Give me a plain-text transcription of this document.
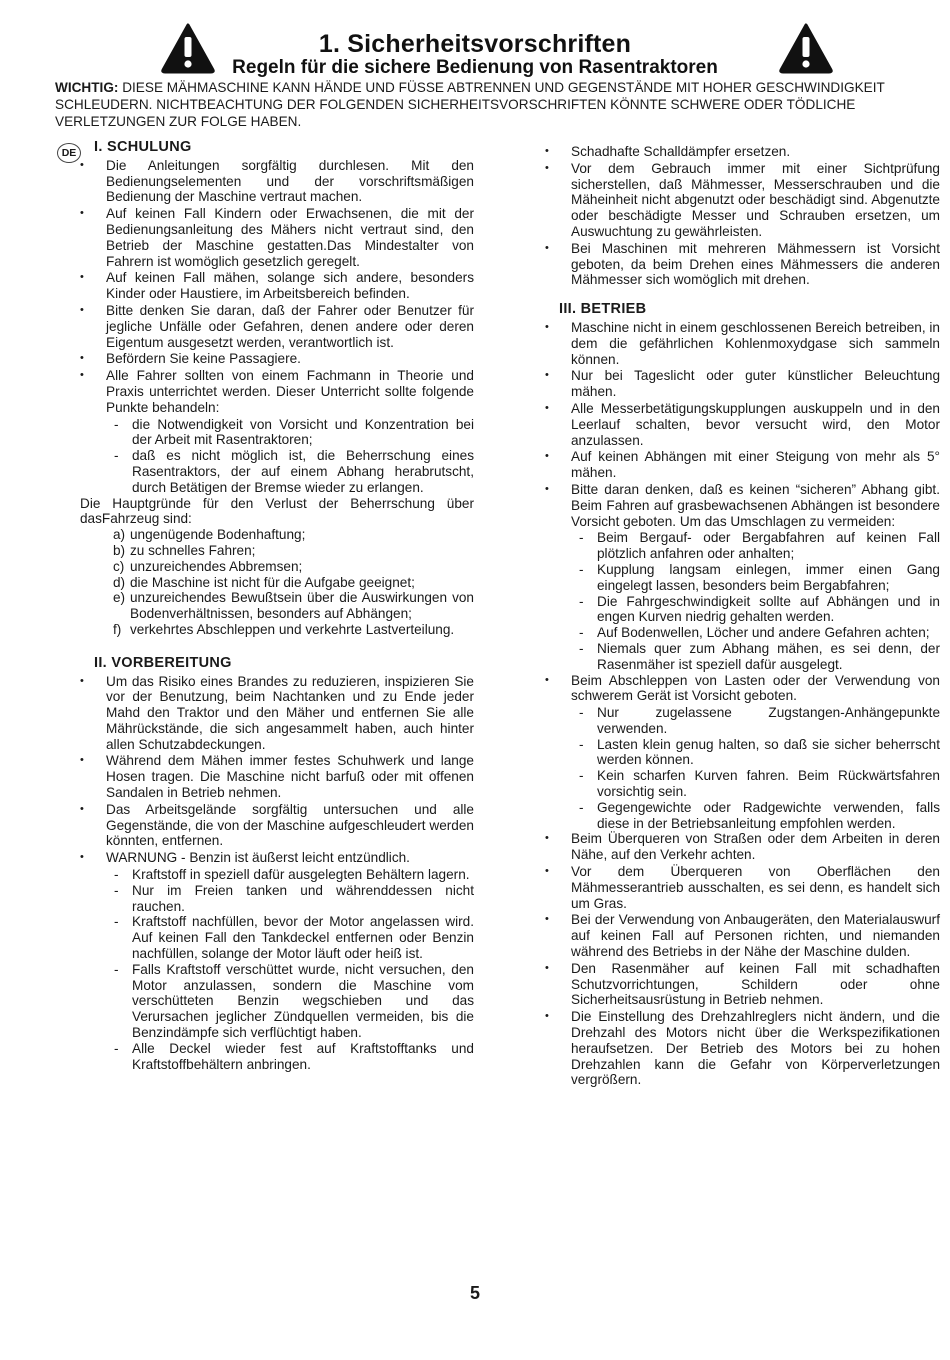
1. Sicherheitsvorschriften
Regeln für die sichere Bedienung von Rasentraktoren
WICHTIG: DIESE MÄHMASCHINE KANN HÄNDE UND FÜSSE ABTRENNEN UND GEGENSTÄNDE MIT HOHER GESCHWINDIGKEIT SCHLEUDERN. NICHTBEACHTUNG DER FOLGENDEN SICHERHEITSVORSCHRIFTEN KÖNNTE SCHWERE ODER TÖDLICHE VERLETZUNGEN ZUR FOLGE HABEN.
DE	I. SCHULUNG
• Die Anleitungen sorgfältig durchlesen. Mit den Bedienungselementen und der vorschriftsmäßigen Bedienung der Maschine vertraut machen.
• Auf keinen Fall Kindern oder Erwachsenen, die mit der Bedienungsanleitung des Mähers nicht vertraut sind, den Betrieb der Maschine gestatten.Das Mindestalter von Fahrern ist womöglich gesetzlich geregelt.
• Auf keinen Fall mähen, solange sich andere, besonders Kinder oder Haustiere, im Arbeitsbereich befinden.
• Bitte denken Sie daran, daß der Fahrer oder Benutzer für jegliche Unfälle oder Gefahren, denen andere oder deren Eigentum ausgesetzt werden, verantwortlich ist.
• Befördern Sie keine Passagiere.
• Alle Fahrer sollten von einem Fachmann in Theorie und Praxis unterrichtet werden. Dieser Unterricht sollte folgende Punkte behandeln:
- die Notwendigkeit von Vorsicht und Konzentration bei der Arbeit mit Rasentraktoren;
- daß es nicht möglich ist, die Beherrschung eines Rasentraktors, der auf einem Abhang herabrutscht, durch Betätigen der Bremse wieder zu erlangen.

Die Hauptgründe für den Verlust der Beherrschung über dasFahrzeug sind:

a) ungenügende Bodenhaftung;
b) zu schnelles Fahren;
c) unzureichendes Abbremsen;
d) die Maschine ist nicht für die Aufgabe geeignet;
e) unzureichendes Bewußtsein über die Auswirkungen von Bodenverhältnissen, besonders auf Abhängen;
f) verkehrtes Abschleppen und verkehrte Lastverteilung.
II. VORBEREITUNG
• Um das Risiko eines Brandes zu reduzieren, inspizieren Sie vor der Benutzung, beim Nachtanken und zu Ende jeder Mahd den Traktor und den Mäher und entfernen Sie alle Mährückstände, die sich angesammelt haben, auch hinter allen Schutzabdeckungen.
• Während dem Mähen immer festes Schuhwerk und lange Hosen tragen. Die Maschine nicht barfuß oder mit offenen Sandalen in Betrieb nehmen.
• Das Arbeitsgelände sorgfältig untersuchen und alle Gegenstände, die von der Maschine aufgeschleudert werden könnten, entfernen.
• WARNUNG - Benzin ist äußerst leicht entzündlich.
- Kraftstoff in speziell dafür ausgelegten Behältern lagern.
- Nur im Freien tanken und währenddessen nicht rauchen.
- Kraftstoff nachfüllen, bevor der Motor angelassen wird. Auf keinen Fall den Tankdeckel entfernen oder Benzin nachfüllen, solange der Motor läuft oder heiß ist.
- Falls Kraftstoff verschüttet wurde, nicht versuchen, den Motor anzulassen, sondern die Maschine vom verschütteten Benzin wegschieben und das Verursachen jeglicher Zündquellen vermeiden, bis die Benzindämpfe sich verflüchtigt haben.
- Alle Deckel wieder fest auf Kraftstofftanks und Kraftstoffbehältern anbringen.
• Schadhafte Schalldämpfer ersetzen.
• Vor dem Gebrauch immer mit einer Sichtprüfung sicherstellen, daß Mähmesser, Messerschrauben und die Mäheinheit nicht abgenutzt oder beschädigt sind. Abgenutzte oder beschädigte Messer und Schrauben ersetzen, um Auswuchtung zu gewährleisten.
• Bei Maschinen mit mehreren Mähmessern ist Vorsicht geboten, da beim Drehen eines Mähmessers die anderen Mähmesser sich womöglich mit drehen.
III. BETRIEB
• Maschine nicht in einem geschlossenen Bereich betreiben, in dem die gefährlichen Kohlenmoxydgase sich sammeln können.
• Nur bei Tageslicht oder guter künstlicher Beleuchtung mähen.
• Alle Messerbetätigungskupplungen auskuppeln und in den Leerlauf schalten, bevor versucht wird, den Motor anzulassen.
• Auf keinen Abhängen mit einer Steigung von mehr als 5° mähen.
• Bitte daran denken, daß es keinen “sicheren” Abhang gibt. Beim Fahren auf grasbewachsenen Abhängen ist besondere Vorsicht geboten. Um das Umschlagen zu vermeiden:
- Beim Bergauf- oder Bergabfahren auf keinen Fall plötzlich anfahren oder anhalten;
- Kupplung langsam einlegen, immer einen Gang eingelegt lassen, besonders beim Bergabfahren;
- Die Fahrgeschwindigkeit sollte auf Abhängen und in engen Kurven niedrig gehalten werden.
- Auf Bodenwellen, Löcher und andere Gefahren achten;
- Niemals quer zum Abhang mähen, es sei denn, der Rasenmäher ist speziell dafür ausgelegt.
• Beim Abschleppen von Lasten oder der Verwendung von schwerem Gerät ist Vorsicht geboten.
- Nur zugelassene Zugstangen-Anhängepunkte verwenden.
- Lasten klein genug halten, so daß sie sicher beherrscht werden können.
- Kein scharfen Kurven fahren. Beim Rückwärtsfahren vorsichtig sein.
- Gegengewichte oder Radgewichte verwenden, falls diese in der Betriebsanleitung empfohlen werden.
• Beim Überqueren von Straßen oder dem Arbeiten in deren Nähe, auf den Verkehr achten.
• Vor dem Überqueren von Oberflächen den Mähmesserantrieb ausschalten, es sei denn, es handelt sich um Gras.
• Bei der Verwendung von Anbaugeräten, den Materialauswurf auf keinen Fall auf Personen richten, und niemanden während des Betriebs in der Nähe der Maschine dulden.
• Den Rasenmäher auf keinen Fall mit schadhaften Schutzvorrichtungen, Schildern oder ohne Sicherheitsausrüstung in Betrieb nehmen.
• Die Einstellung des Drehzahlreglers nicht ändern, und die Drehzahl des Motors nicht über die Werkspezifikationen heraufsetzen. Der Betrieb des Motors bei zu hohen Drehzahlen kann die Gefahr von Körperverletzungen vergrößern.
5
